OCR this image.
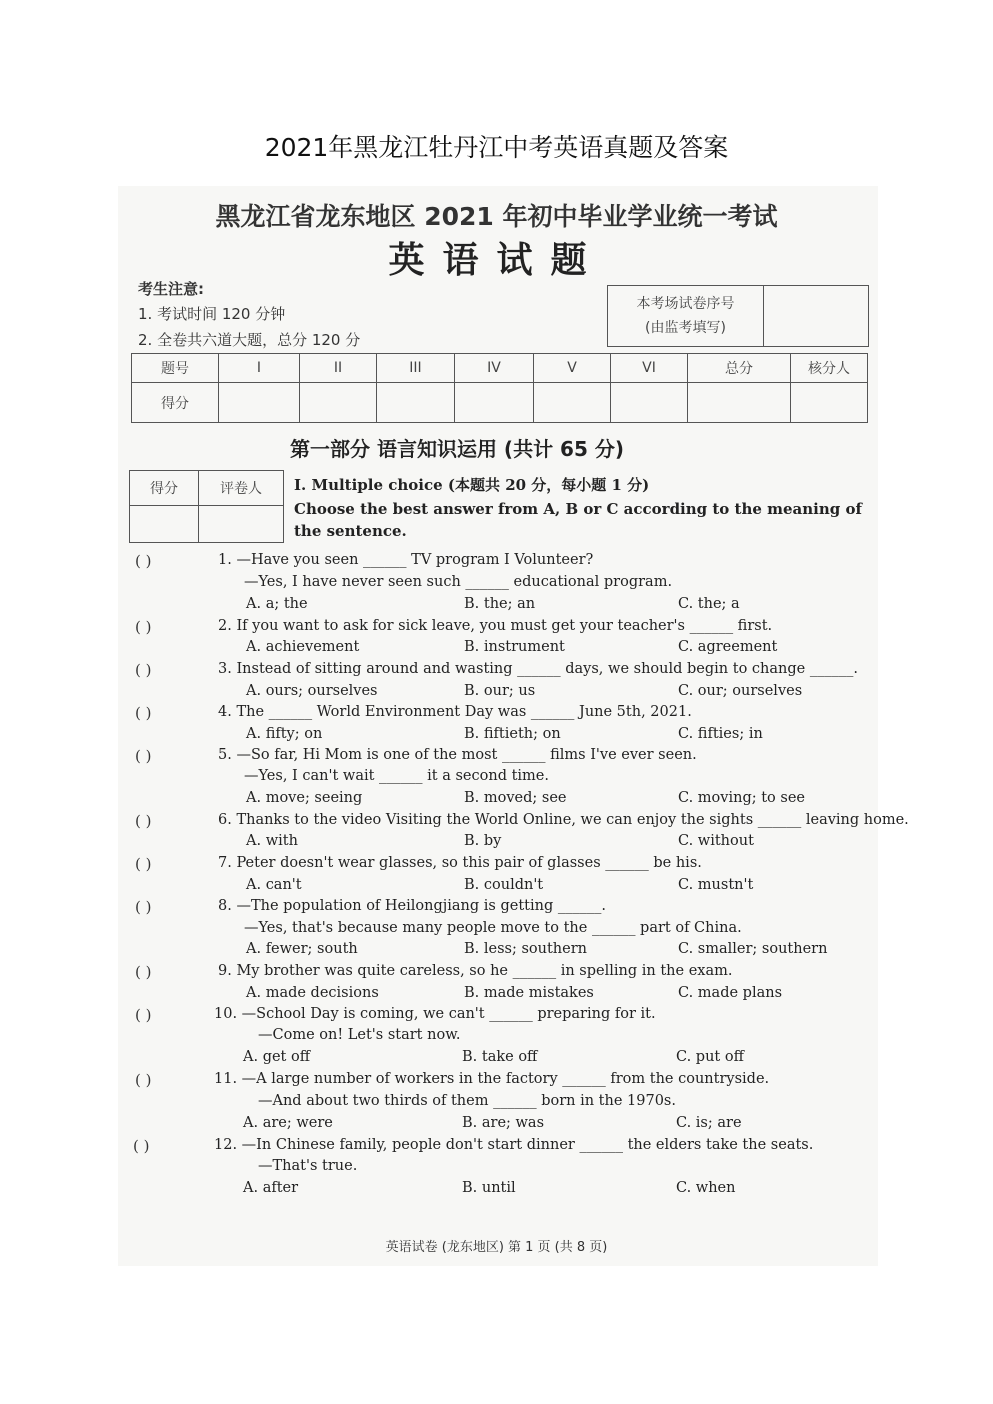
2021年黑龙江牡丹江中考英语真题及答案
黑龙江省龙东地区 2021 年初中毕业学业统一考试
英语试题
考生注意:
1. 考试时间 120 分钟
2. 全卷共六道大题，总分 120 分
本考场试卷序号
(由监考填写)
题号	I	II	III	IV	V	VI	总分	核分人
得分								
第一部分 语言知识运用 (共计 65 分)
得分	评卷人
	I. Multiple choice (本题共 20 分，每小题 1 分)
Choose the best answer from A, B or C according to the meaning of the sentence.
( )	1. —Have you seen ______ TV program I Volunteer?
—Yes, I have never seen such ______ educational program.
A. a; the	B. the; an	C. the; a
( )	2. If you want to ask for sick leave, you must get your teacher's ______ first.
A. achievement	B. instrument	C. agreement
( )	3. Instead of sitting around and wasting ______ days, we should begin to change ______.
A. ours; ourselves	B. our; us	C. our; ourselves
( )	4. The ______ World Environment Day was ______ June 5th, 2021.
A. fifty; on	B. fiftieth; on	C. fifties; in
( )	5. —So far, Hi Mom is one of the most ______ films I've ever seen.
—Yes, I can't wait ______ it a second time.
A. move; seeing	B. moved; see	C. moving; to see
( )	6. Thanks to the video Visiting the World Online, we can enjoy the sights ______ leaving home.
A. with	B. by	C. without
( )	7. Peter doesn't wear glasses, so this pair of glasses ______ be his.
A. can't	B. couldn't	C. mustn't
( )	8. —The population of Heilongjiang is getting ______.
—Yes, that's because many people move to the ______ part of China.
A. fewer; south	B. less; southern	C. smaller; southern
( )	9. My brother was quite careless, so he ______ in spelling in the exam.
A. made decisions	B. made mistakes	C. made plans
( )	10. —School Day is coming, we can't ______ preparing for it.
—Come on! Let's start now.
A. get off	B. take off	C. put off
( )	11. —A large number of workers in the factory ______ from the countryside.
—And about two thirds of them ______ born in the 1970s.
A. are; were	B. are; was	C. is; are
( )	12. —In Chinese family, people don't start dinner ______ the elders take the seats.
—That's true.
A. after	B. until	C. when
英语试卷 (龙东地区) 第 1 页 (共 8 页)
